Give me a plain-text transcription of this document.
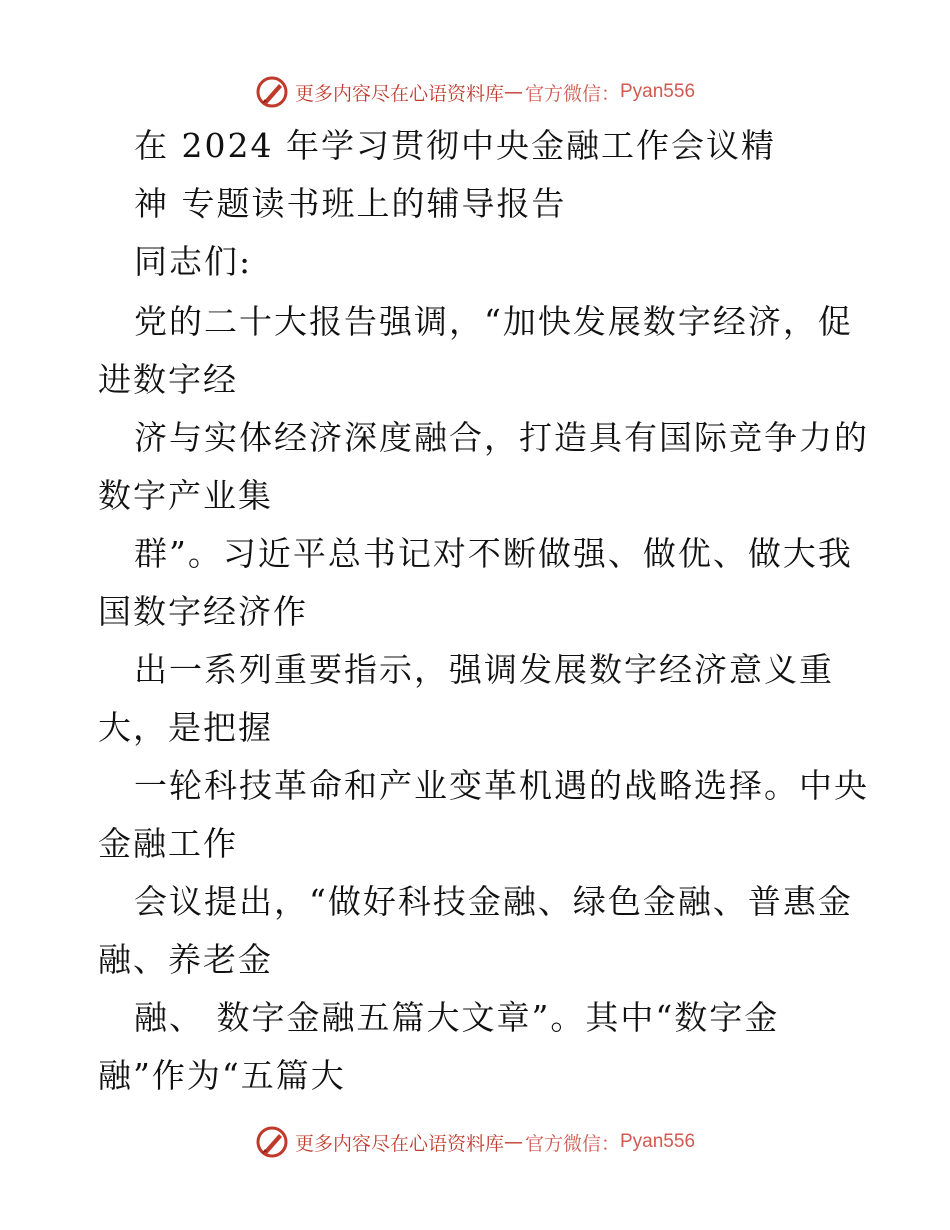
更多内容尽在心语资料库 — 官方微信： Pyan556
在 2024 年学习贯彻中央金融工作会议精
神 专题读书班上的辅导报告
同志们:
党的二十大报告强调，“加快发展数字经济，促
进数字经
济与实体经济深度融合，打造具有国际竞争力的
数字产业集
群”。习近平总书记对不断做强、做优、做大我
国数字经济作
出一系列重要指示，强调发展数字经济意义重
大，是把握
一轮科技革命和产业变革机遇的战略选择。中央
金融工作
会议提出，“做好科技金融、绿色金融、普惠金
融、养老金
融、 数字金融五篇大文章”。其中“数字金
融”作为“五篇大
更多内容尽在心语资料库 — 官方微信： Pyan556
